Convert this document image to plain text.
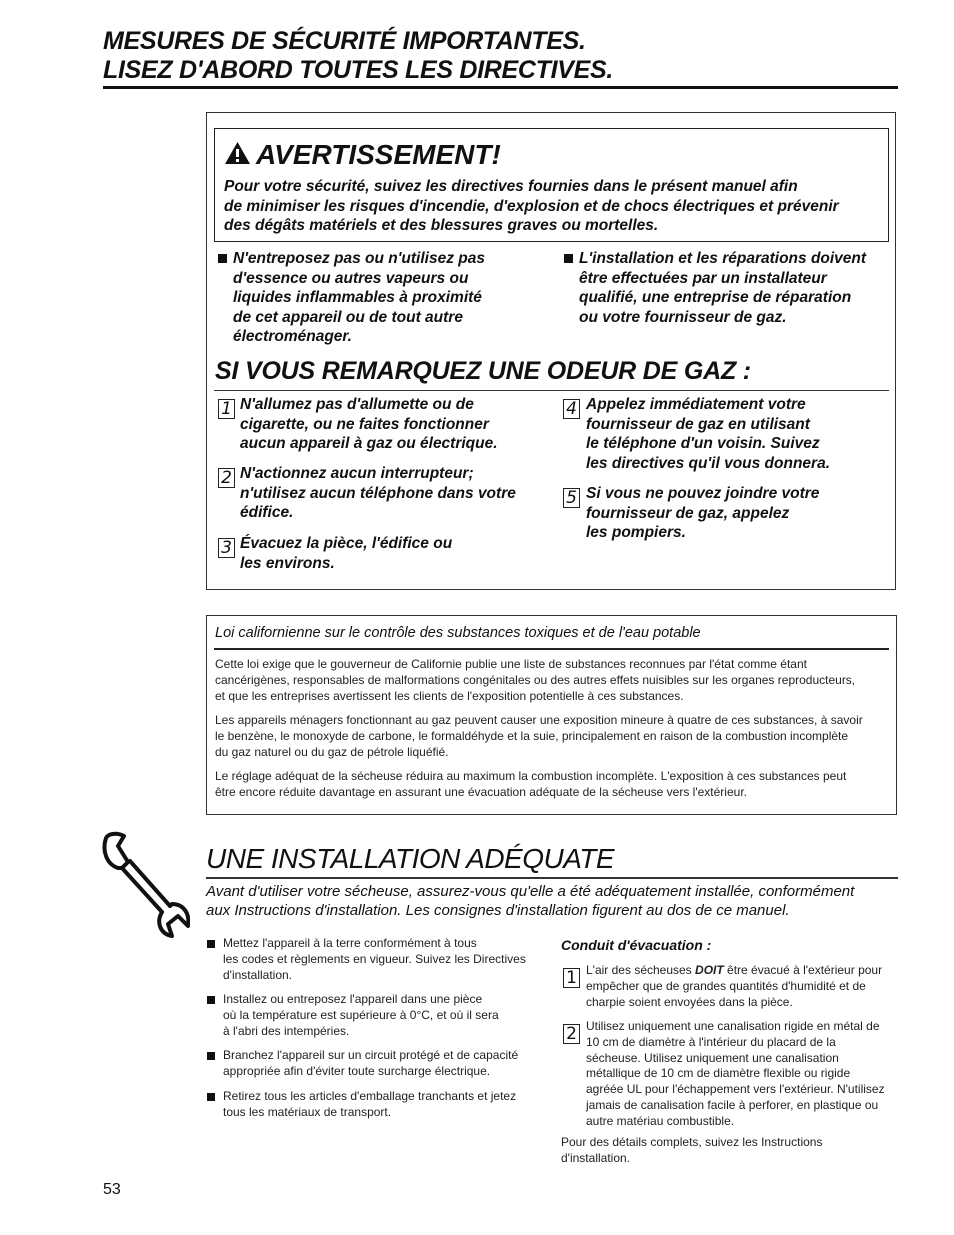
MESURES DE SÉCURITÉ IMPORTANTES.
LISEZ D'ABORD TOUTES LES DIRECTIVES.
AVERTISSEMENT!
Pour votre sécurité, suivez les directives fournies dans le présent manuel afin
de minimiser les risques d'incendie, d'explosion et de chocs électriques et prévenir
des dégâts matériels et des blessures graves ou mortelles.
N'entreposez pas ou n'utilisez pas
d'essence ou autres vapeurs ou
liquides inflammables à proximité
de cet appareil ou de tout autre
électroménager.
L'installation et les réparations doivent
être effectuées par un installateur
qualifié, une entreprise de réparation
ou votre fournisseur de gaz.
SI VOUS REMARQUEZ UNE ODEUR DE GAZ :
1 N'allumez pas d'allumette ou de
cigarette, ou ne faites fonctionner
aucun appareil à gaz ou électrique.
2 N'actionnez aucun interrupteur;
n'utilisez aucun téléphone dans votre
édifice.
3 Évacuez la pièce, l'édifice ou
les environs.
4 Appelez immédiatement votre
fournisseur de gaz en utilisant
le téléphone d'un voisin. Suivez
les directives qu'il vous donnera.
5 Si vous ne pouvez joindre votre
fournisseur de gaz, appelez
les pompiers.
Loi californienne sur le contrôle des substances toxiques et de l'eau potable
Cette loi exige que le gouverneur de Californie publie une liste de substances reconnues par l'état comme étant
cancérigènes, responsables de malformations congénitales ou des autres effets nuisibles sur les organes reproducteurs,
et que les entreprises avertissent les clients de l'exposition potentielle à ces substances.
Les appareils ménagers fonctionnant au gaz peuvent causer une exposition mineure à quatre de ces substances, à savoir
le benzène, le monoxyde de carbone, le formaldéhyde et la suie, principalement en raison de la combustion incomplète
du gaz naturel ou du gaz de pétrole liquéfié.
Le réglage adéquat de la sécheuse réduira au maximum la combustion incomplète. L'exposition à ces substances peut
être encore réduite davantage en assurant une évacuation adéquate de la sécheuse vers l'extérieur.
UNE INSTALLATION ADÉQUATE
Avant d'utiliser votre sécheuse, assurez-vous qu'elle a été adéquatement installée, conformément
aux Instructions d'installation. Les consignes d'installation figurent au dos de ce manuel.
Mettez l'appareil à la terre conformément à tous
les codes et règlements en vigueur. Suivez les Directives
d'installation.
Installez ou entreposez l'appareil dans une pièce
où la température est supérieure à 0°C, et où il sera
à l'abri des intempéries.
Branchez l'appareil sur un circuit protégé et de capacité
appropriée afin d'éviter toute surcharge électrique.
Retirez tous les articles d'emballage tranchants et jetez
tous les matériaux de transport.
Conduit d'évacuation :
1 L'air des sécheuses DOIT être évacué à l'extérieur pour
empêcher que de grandes quantités d'humidité et de
charpie soient envoyées dans la pièce.
2 Utilisez uniquement une canalisation rigide en métal de
10 cm de diamètre à l'intérieur du placard de la
sécheuse. Utilisez uniquement une canalisation
métallique de 10 cm de diamètre flexible ou rigide
agréée UL pour l'échappement vers l'extérieur. N'utilisez
jamais de canalisation facile à perforer, en plastique ou
autre matériau combustible.
Pour des détails complets, suivez les Instructions
d'installation.
53
